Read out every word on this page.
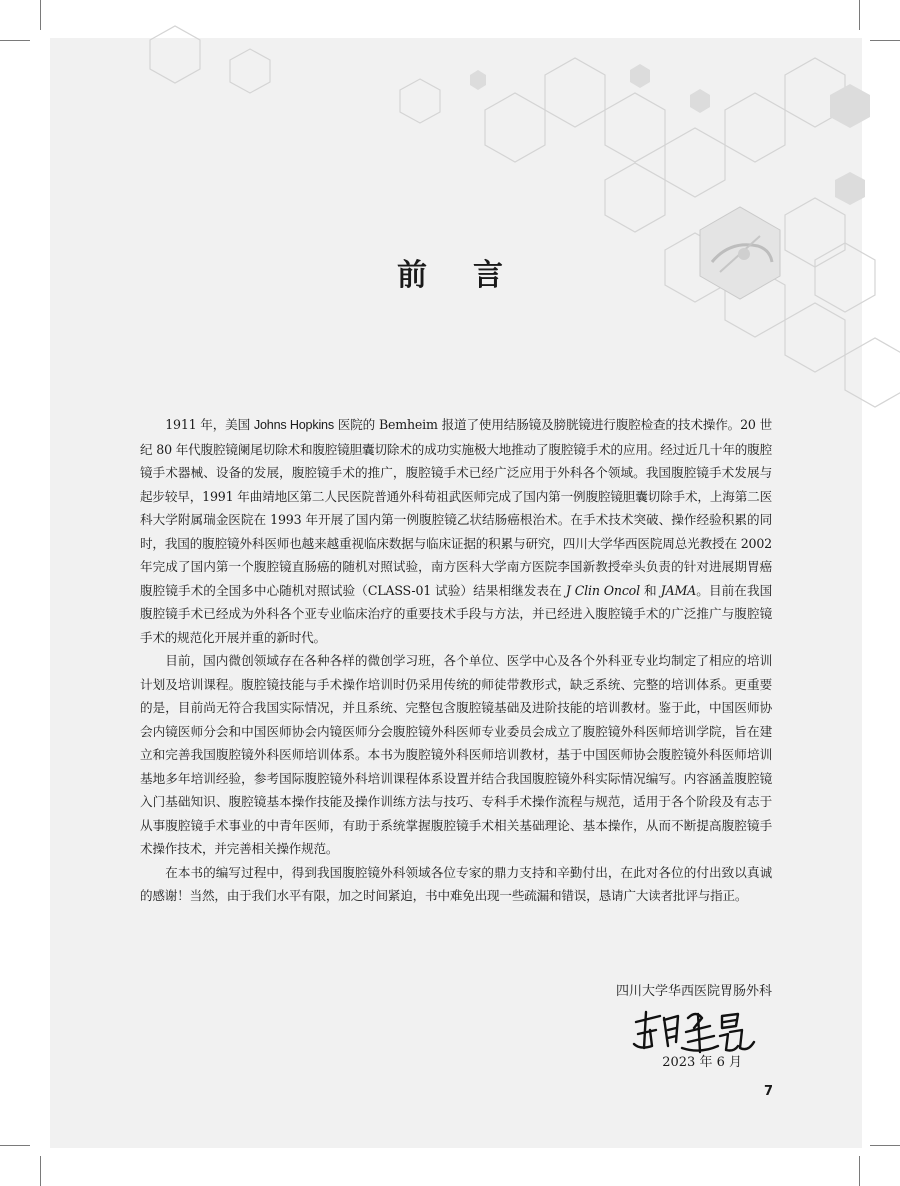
前言

1911 年，美国 Johns Hopkins 医院的 Bemheim 报道了使用结肠镜及膀胱镜进行腹腔检查的技术操作。20 世纪 80 年代腹腔镜阑尾切除术和腹腔镜胆囊切除术的成功实施极大地推动了腹腔镜手术的应用。经过近几十年的腹腔镜手术器械、设备的发展，腹腔镜手术的推广，腹腔镜手术已经广泛应用于外科各个领域。我国腹腔镜手术发展与起步较早，1991 年曲靖地区第二人民医院普通外科荀祖武医师完成了国内第一例腹腔镜胆囊切除手术，上海第二医科大学附属瑞金医院在 1993 年开展了国内第一例腹腔镜乙状结肠癌根治术。在手术技术突破、操作经验积累的同时，我国的腹腔镜外科医师也越来越重视临床数据与临床证据的积累与研究，四川大学华西医院周总光教授在 2002 年完成了国内第一个腹腔镜直肠癌的随机对照试验，南方医科大学南方医院李国新教授牵头负责的针对进展期胃癌腹腔镜手术的全国多中心随机对照试验（CLASS-01 试验）结果相继发表在 J Clin Oncol 和 JAMA。目前在我国腹腔镜手术已经成为外科各个亚专业临床治疗的重要技术手段与方法，并已经进入腹腔镜手术的广泛推广与腹腔镜手术的规范化开展并重的新时代。

目前，国内微创领域存在各种各样的微创学习班，各个单位、医学中心及各个外科亚专业均制定了相应的培训计划及培训课程。腹腔镜技能与手术操作培训时仍采用传统的师徒带教形式，缺乏系统、完整的培训体系。更重要的是，目前尚无符合我国实际情况，并且系统、完整包含腹腔镜基础及进阶技能的培训教材。鉴于此，中国医师协会内镜医师分会和中国医师协会内镜医师分会腹腔镜外科医师专业委员会成立了腹腔镜外科医师培训学院，旨在建立和完善我国腹腔镜外科医师培训体系。本书为腹腔镜外科医师培训教材，基于中国医师协会腹腔镜外科医师培训基地多年培训经验，参考国际腹腔镜外科培训课程体系设置并结合我国腹腔镜外科实际情况编写。内容涵盖腹腔镜入门基础知识、腹腔镜基本操作技能及操作训练方法与技巧、专科手术操作流程与规范，适用于各个阶段及有志于从事腹腔镜手术事业的中青年医师，有助于系统掌握腹腔镜手术相关基础理论、基本操作，从而不断提高腹腔镜手术操作技术，并完善相关操作规范。

在本书的编写过程中，得到我国腹腔镜外科领域各位专家的鼎力支持和辛勤付出，在此对各位的付出致以真诚的感谢！当然，由于我们水平有限，加之时间紧迫，书中难免出现一些疏漏和错误，恳请广大读者批评与指正。

四川大学华西医院胃肠外科
2023 年 6 月
7
